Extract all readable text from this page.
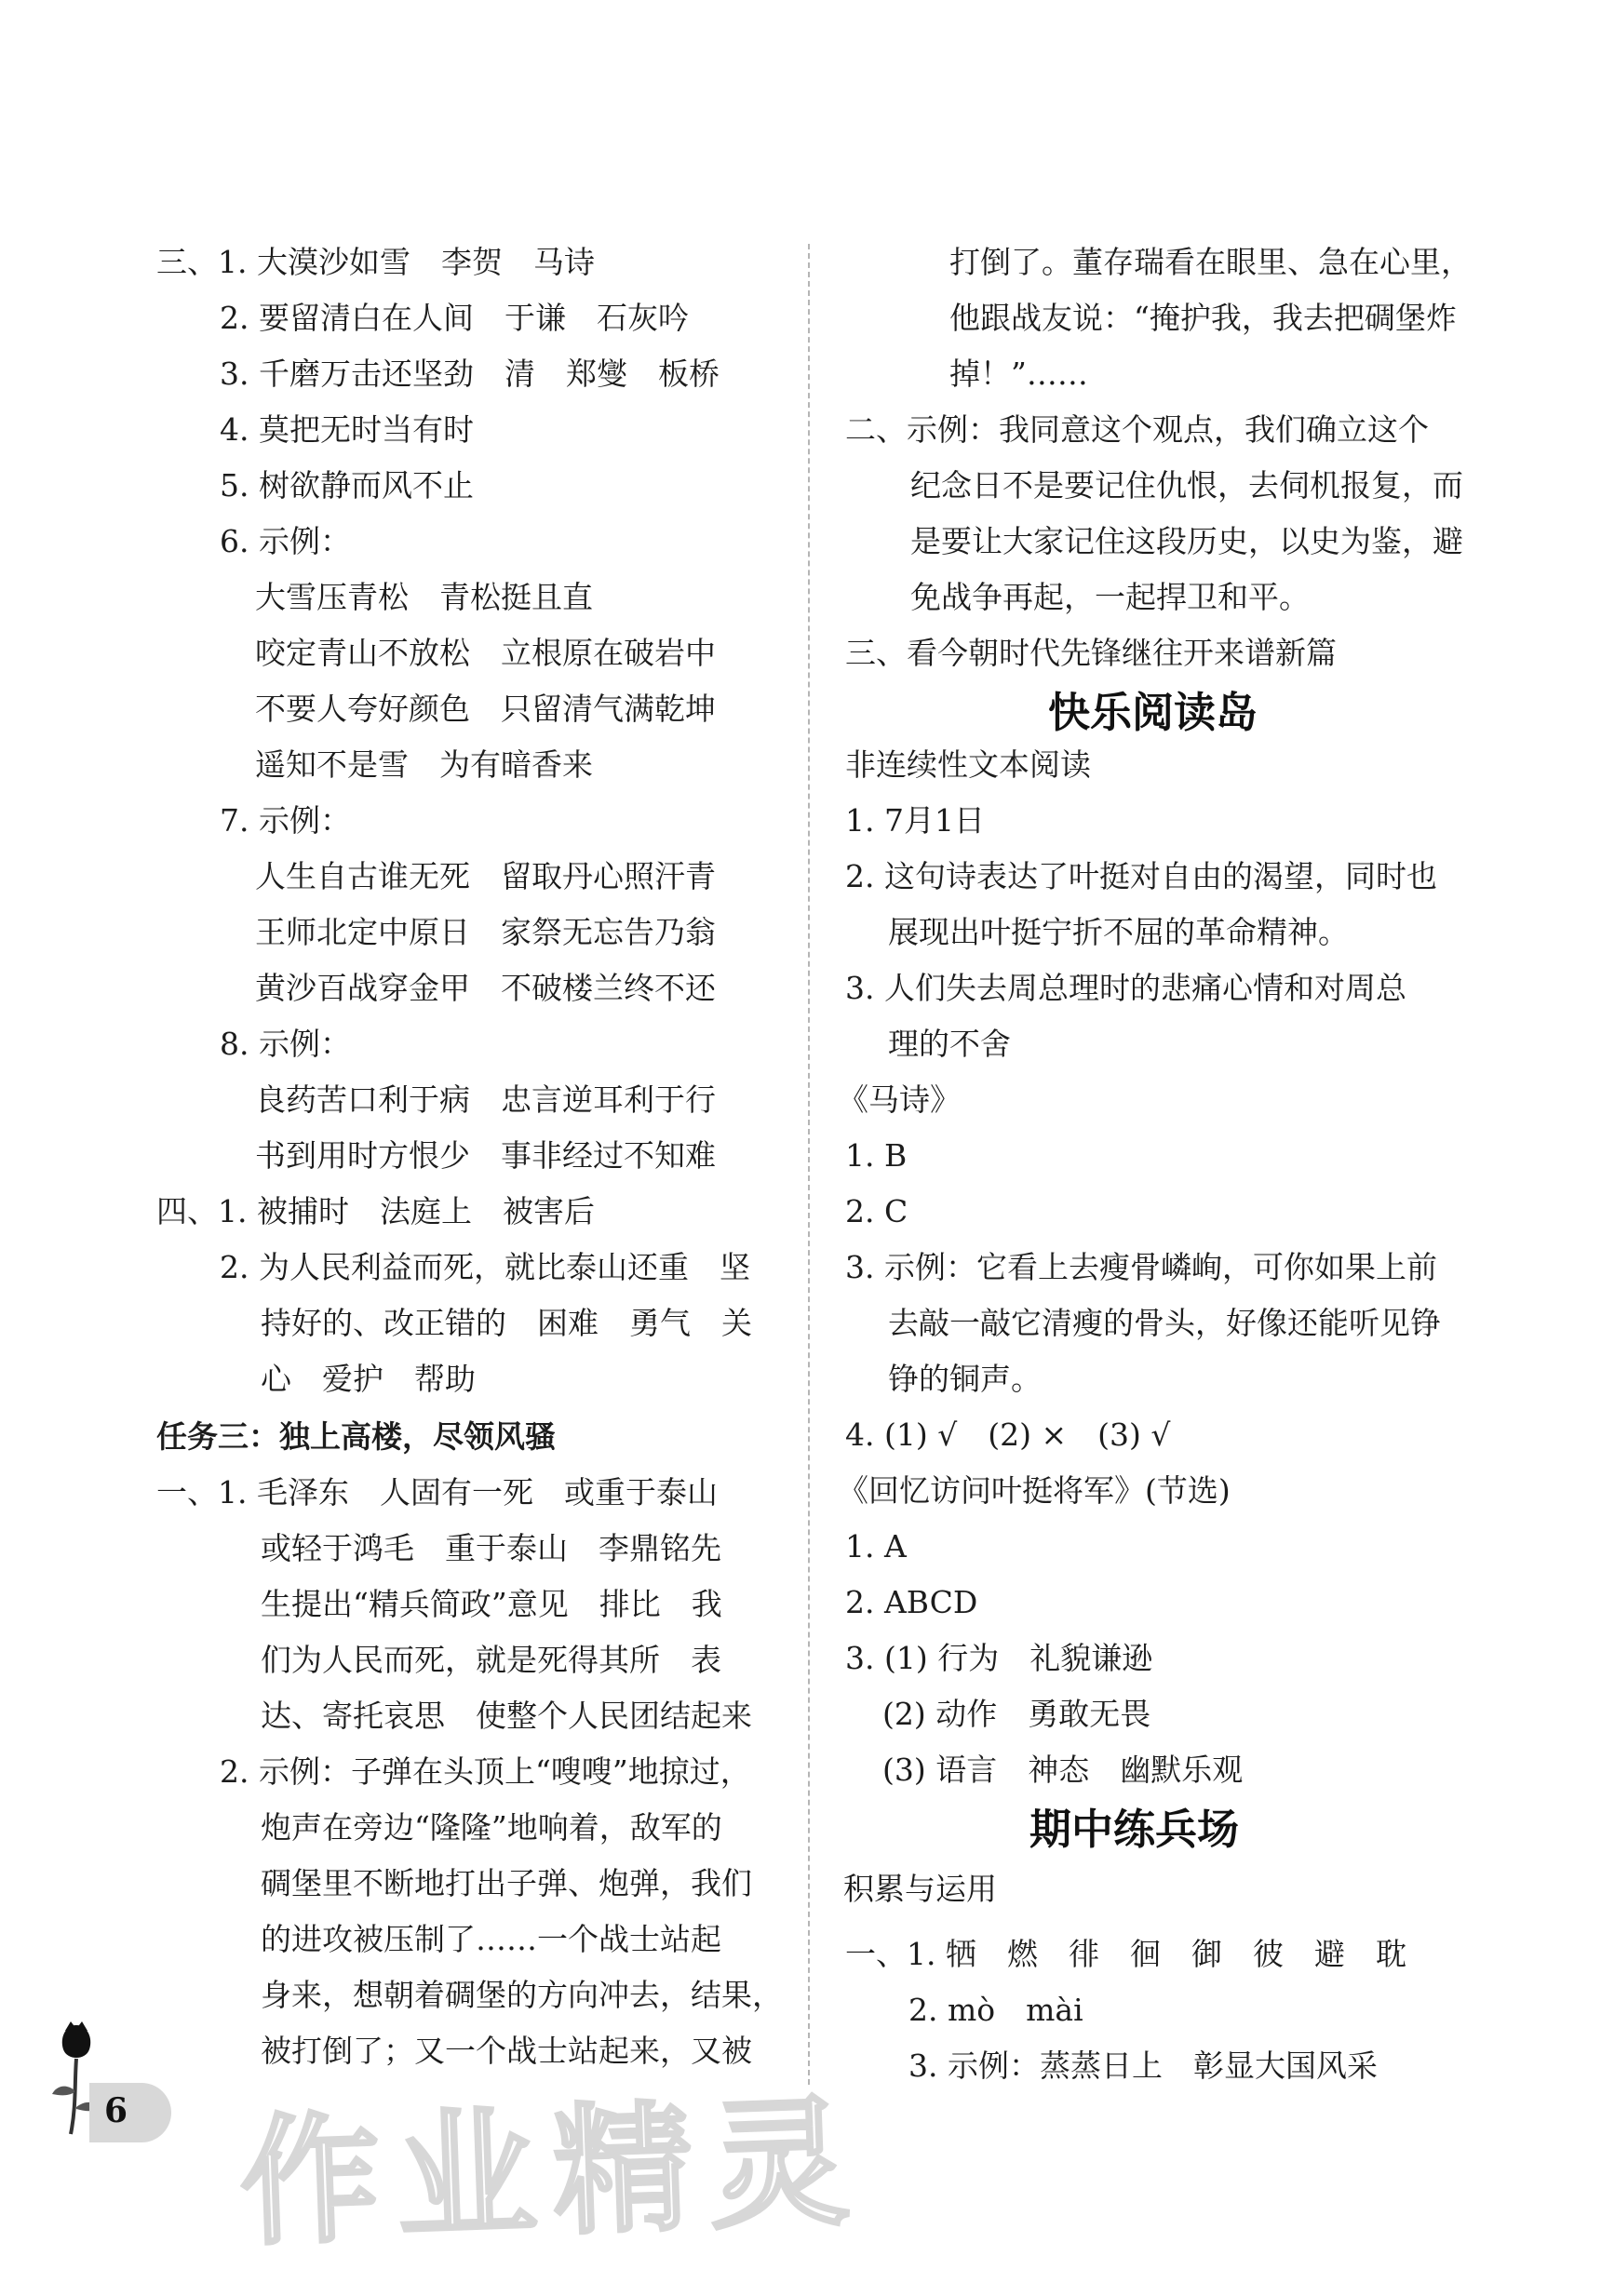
三、1. 大漠沙如雪　李贺　马诗
2. 要留清白在人间　于谦　石灰吟
3. 千磨万击还坚劲　清　郑燮　板桥
4. 莫把无时当有时
5. 树欲静而风不止
6. 示例：
大雪压青松　青松挺且直
咬定青山不放松　立根原在破岩中
不要人夸好颜色　只留清气满乾坤
遥知不是雪　为有暗香来
7. 示例：
人生自古谁无死　留取丹心照汗青
王师北定中原日　家祭无忘告乃翁
黄沙百战穿金甲　不破楼兰终不还
8. 示例：
良药苦口利于病　忠言逆耳利于行
书到用时方恨少　事非经过不知难
四、1. 被捕时　法庭上　被害后
2. 为人民利益而死，就比泰山还重　坚
持好的、改正错的　困难　勇气　关
心　爱护　帮助
任务三：独上高楼，尽领风骚
一、1. 毛泽东　人固有一死　或重于泰山
或轻于鸿毛　重于泰山　李鼎铭先
生提出“精兵简政”意见　排比　我
们为人民而死，就是死得其所　表
达、寄托哀思　使整个人民团结起来
2. 示例：子弹在头顶上“嗖嗖”地掠过，
炮声在旁边“隆隆”地响着，敌军的
碉堡里不断地打出子弹、炮弹，我们
的进攻被压制了……一个战士站起
身来，想朝着碉堡的方向冲去，结果，
被打倒了；又一个战士站起来，又被
打倒了。董存瑞看在眼里、急在心里，
他跟战友说：“掩护我，我去把碉堡炸
掉！”……
二、示例：我同意这个观点，我们确立这个
纪念日不是要记住仇恨，去伺机报复，而
是要让大家记住这段历史，以史为鉴，避
免战争再起，一起捍卫和平。
三、看今朝时代先锋继往开来谱新篇
快乐阅读岛
非连续性文本阅读
1. 7月1日
2. 这句诗表达了叶挺对自由的渴望，同时也
展现出叶挺宁折不屈的革命精神。
3. 人们失去周总理时的悲痛心情和对周总
理的不舍
《马诗》
1. B
2. C
3. 示例：它看上去瘦骨嶙峋，可你如果上前
去敲一敲它清瘦的骨头，好像还能听见铮
铮的铜声。
4. (1) √　(2) ×　(3) √
《回忆访问叶挺将军》(节选)
1. A
2. ABCD
3. (1) 行为　礼貌谦逊
(2) 动作　勇敢无畏
(3) 语言　神态　幽默乐观
期中练兵场
积累与运用
一、1. 牺　燃　徘　徊　御　彼　避　耽
2. mò　mài
3. 示例：蒸蒸日上　彰显大国风采
6 作业精灵
